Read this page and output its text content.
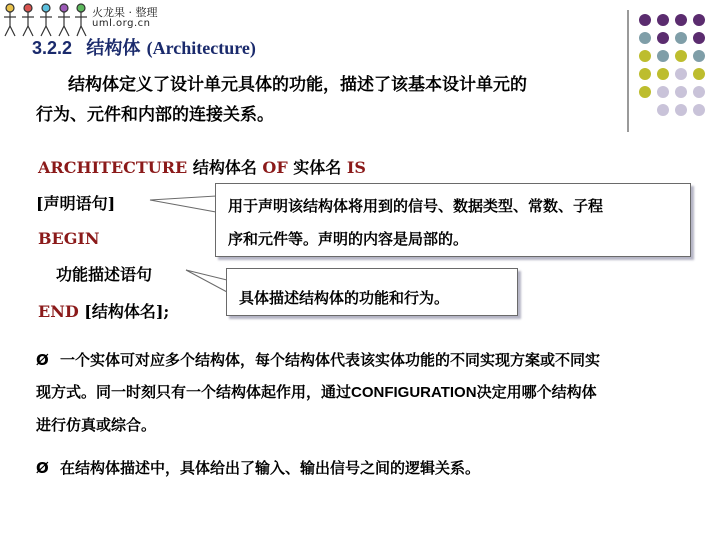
火龙果 · 整理
uml.org.cn
3.2.2 结构体 (Architecture)
结构体定义了设计单元具体的功能，描述了该基本设计单元的
行为、元件和内部的连接关系。
ARCHITECTURE 结构体名 OF 实体名 IS
[声明语句]
BEGIN
功能描述语句
END [结构体名];
用于声明该结构体将用到的信号、数据类型、常数、子程
序和元件等。声明的内容是局部的。
具体描述结构体的功能和行为。
Ø 一个实体可对应多个结构体，每个结构体代表该实体功能的不同实现方案或不同实
现方式。同一时刻只有一个结构体起作用，通过CONFIGURATION决定用哪个结构体
进行仿真或综合。
Ø 在结构体描述中，具体给出了输入、输出信号之间的逻辑关系。
